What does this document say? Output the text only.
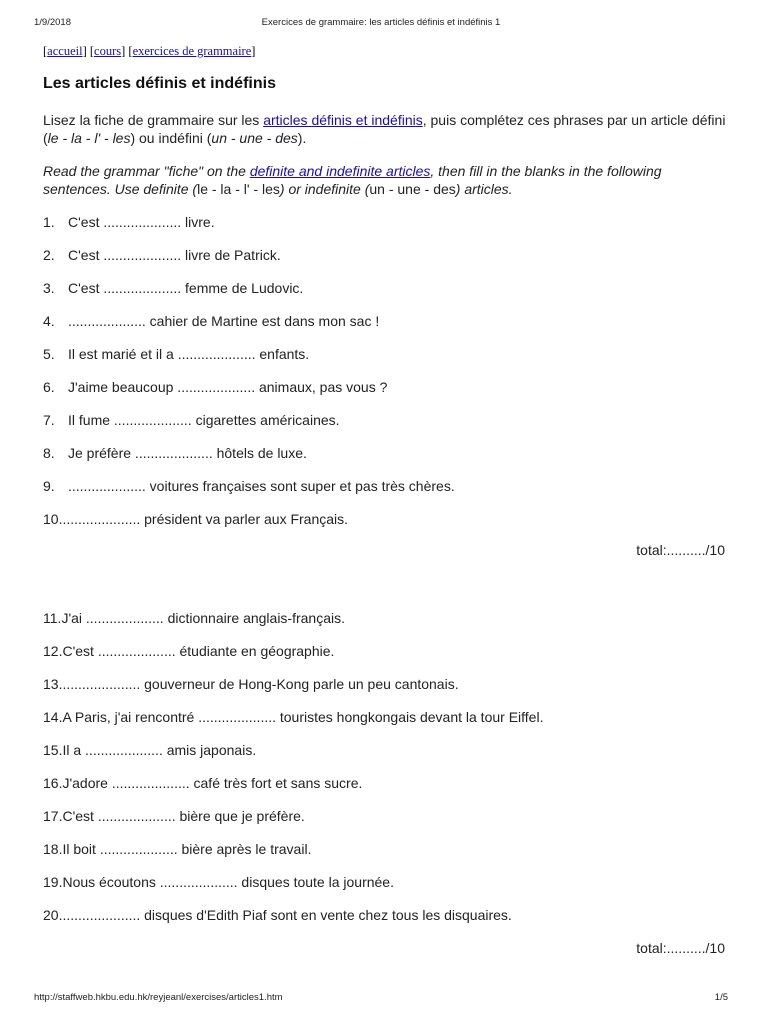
1/9/2018	Exercices de grammaire: les articles définis et indéfinis 1
[accueil] [cours] [exercices de grammaire]
Les articles définis et indéfinis

Lisez la fiche de grammaire sur les articles définis et indéfinis, puis complétez ces phrases par un article défini (le - la - l' - les) ou indéfini (un - une - des).

Read the grammar "fiche" on the definite and indefinite articles, then fill in the blanks in the following sentences. Use definite (le - la - l' - les) or indefinite (un - une - des) articles.

1. C'est .................... livre.
2. C'est .................... livre de Patrick.
3. C'est .................... femme de Ludovic.
4. .................... cahier de Martine est dans mon sac !
5. Il est marié et il a .................... enfants.
6. J'aime beaucoup .................... animaux, pas vous ?
7. Il fume .................... cigarettes américaines.
8. Je préfère .................... hôtels de luxe.
9. .................... voitures françaises sont super et pas très chères.
10..................... président va parler aux Français.
total:........../10
11.J'ai .................... dictionnaire anglais-français.
12.C'est .................... étudiante en géographie.
13..................... gouverneur de Hong-Kong parle un peu cantonais.
14.A Paris, j'ai rencontré .................... touristes hongkongais devant la tour Eiffel.
15.Il a .................... amis japonais.
16.J'adore .................... café très fort et sans sucre.
17.C'est .................... bière que je préfère.
18.Il boit .................... bière après le travail.
19.Nous écoutons .................... disques toute la journée.
20..................... disques d'Edith Piaf sont en vente chez tous les disquaires.
total:........../10
http://staffweb.hkbu.edu.hk/reyjeanl/exercises/articles1.htm	1/5
